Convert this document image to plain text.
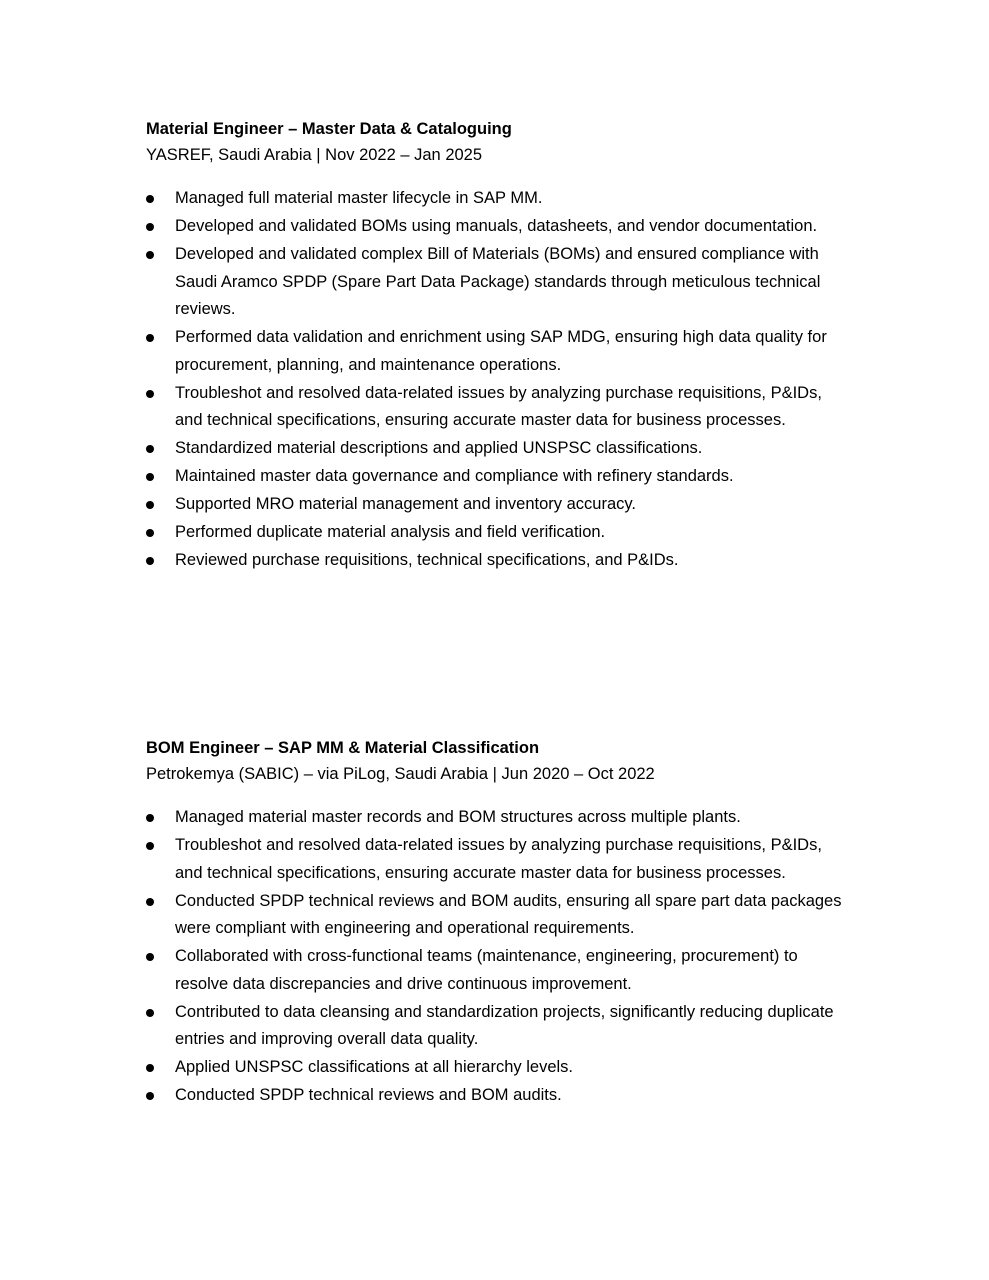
Material Engineer – Master Data & Cataloguing

YASREF, Saudi Arabia | Nov 2022 – Jan 2025

Managed full material master lifecycle in SAP MM.
Developed and validated BOMs using manuals, datasheets, and vendor documentation.
Developed and validated complex Bill of Materials (BOMs) and ensured compliance with Saudi Aramco SPDP (Spare Part Data Package) standards through meticulous technical reviews.
Performed data validation and enrichment using SAP MDG, ensuring high data quality for procurement, planning, and maintenance operations.
Troubleshot and resolved data-related issues by analyzing purchase requisitions, P&IDs, and technical specifications, ensuring accurate master data for business processes.
Standardized material descriptions and applied UNSPSC classifications.
Maintained master data governance and compliance with refinery standards.
Supported MRO material management and inventory accuracy.
Performed duplicate material analysis and field verification.
Reviewed purchase requisitions, technical specifications, and P&IDs.

BOM Engineer – SAP MM & Material Classification

Petrokemya (SABIC) – via PiLog, Saudi Arabia | Jun 2020 – Oct 2022

Managed material master records and BOM structures across multiple plants.
Troubleshot and resolved data-related issues by analyzing purchase requisitions, P&IDs, and technical specifications, ensuring accurate master data for business processes.
Conducted SPDP technical reviews and BOM audits, ensuring all spare part data packages were compliant with engineering and operational requirements.
Collaborated with cross-functional teams (maintenance, engineering, procurement) to resolve data discrepancies and drive continuous improvement.
Contributed to data cleansing and standardization projects, significantly reducing duplicate entries and improving overall data quality.
Applied UNSPSC classifications at all hierarchy levels.
Conducted SPDP technical reviews and BOM audits.
